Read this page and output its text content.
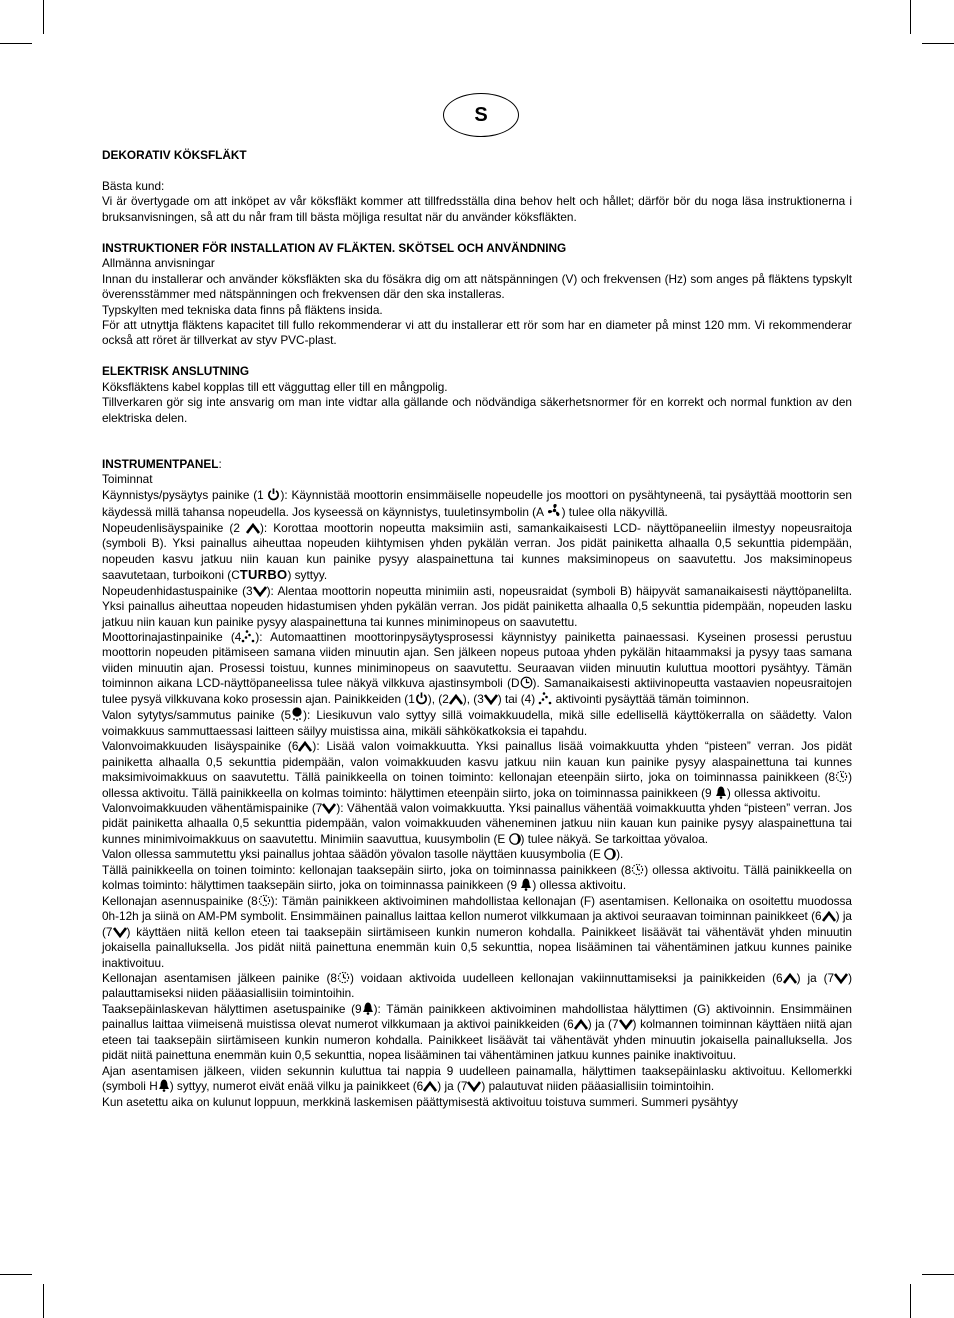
S
DEKORATIV KÖKSFLÄKT

Bästa kund:

Vi är övertygade om att inköpet av vår köksfläkt kommer att tillfredsställa dina behov helt och hållet; därför bör du noga läsa instruktionerna i bruksanvisningen, så att du når fram till bästa möjliga resultat när du använder köksfläkten.

INSTRUKTIONER FÖR INSTALLATION AV FLÄKTEN. SKÖTSEL OCH ANVÄNDNING

Allmänna anvisningar

Innan du installerar och använder köksfläkten ska du fösäkra dig om att nätspänningen (V) och frekvensen (Hz) som anges på fläktens typskylt överensstämmer med nätspänningen och frekvensen där den ska installeras.

Typskylten med tekniska data finns på fläktens insida.

För att utnyttja fläktens kapacitet till fullo rekommenderar vi att du installerar ett rör som har en diameter på minst 120 mm. Vi rekommenderar också att röret är tillverkat av styv PVC-plast.

ELEKTRISK ANSLUTNING

Köksfläktens kabel kopplas till ett vägguttag eller till en mångpolig.

Tillverkaren gör sig inte ansvarig om man inte vidtar alla gällande och nödvändiga säkerhetsnormer för en korrekt och normal funktion av den elektriska delen.

INSTRUMENTPANEL:

Toiminnat

Käynnistys/pysäytys painike (1 ): Käynnistää moottorin ensimmäiselle nopeudelle jos moottori on pysähtyneenä, tai pysäyttää moottorin sen käydessä millä tahansa nopeudella. Jos kyseessä on käynnistys, tuuletinsymbolin (A ) tulee olla näkyvillä.

Nopeudenlisäyspainike (2 ): Korottaa moottorin nopeutta maksimiin asti, samankaikaisesti LCD- näyttöpaneeliin ilmestyy nopeusraitoja (symboli B). Yksi painallus aiheuttaa nopeuden kiihtymisen yhden pykälän verran. Jos pidät painiketta alhaalla 0,5 sekunttia pidempään, nopeuden kasvu jatkuu niin kauan kun painike pysyy alaspainettuna tai kunnes maksiminopeus on saavutettu. Jos maksiminopeus saavutetaan, turboikoni (CTURBO) syttyy.

Nopeudenhidastuspainike (3 ): Alentaa moottorin nopeutta minimiin asti, nopeusraidat (symboli B) häipyvät samanaikaisesti näyttöpanelilta. Yksi painallus aiheuttaa nopeuden hidastumisen yhden pykälän verran. Jos pidät painiketta alhaalla 0,5 sekunttia pidempään, nopeuden lasku jatkuu niin kauan kun painike pysyy alaspainettuna tai kunnes miniminopeus on saavutettu.

Moottorinajastinpainike (4 ): Automaattinen moottorinpysäytysprosessi käynnistyy painiketta painaessasi. Kyseinen prosessi perustuu moottorin nopeuden pitämiseen samana viiden minuutin ajan. Sen jälkeen nopeus putoaa yhden pykälän hitaammaksi ja pysyy taas samana viiden minuutin ajan. Prosessi toistuu, kunnes miniminopeus on saavutettu. Seuraavan viiden minuutin kuluttua moottori pysähtyy. Tämän toiminnon aikana LCD-näyttöpaneelissa tulee näkyä vilkkuva ajastinsymboli (D ). Samanaikaisesti aktiivinopeutta vastaavien nopeusraitojen tulee pysyä vilkkuvana koko prosessin ajan. Painikkeiden (1 ), (2 ), (3 ) tai (4)  aktivointi pysäyttää tämän toiminnon.

Valon sytytys/sammutus painike (5 ): Liesikuvun valo syttyy sillä voimakkuudella, mikä sille edellisellä käyttökerralla on säädetty. Valon voimakkuus sammuttaessasi laitteen säilyy muistissa aina, mikäli sähkökatkoksia ei tapahdu.

Valonvoimakkuuden lisäyspainike (6 ): Lisää valon voimakkuutta. Yksi painallus lisää voimakkuutta yhden “pisteen” verran. Jos pidät painiketta alhaalla 0,5 sekunttia pidempään, valon voimakkuuden kasvu jatkuu niin kauan kun painike pysyy alaspainettuna tai kunnes maksimivoimakkuus on saavutettu. Tällä painikkeella on toinen toiminto: kellonajan eteenpäin siirto, joka on toiminnassa painikkeen (8 ) ollessa aktivoitu. Tällä painikkeella on kolmas toiminto: hälyttimen eteenpäin siirto, joka on toiminnassa painikkeen (9 ) ollessa aktivoitu.

Valonvoimakkuuden vähentämispainike (7 ): Vähentää valon voimakkuutta. Yksi painallus vähentää voimakkuutta yhden “pisteen” verran. Jos pidät painiketta alhaalla 0,5 sekunttia pidempään, valon voimakkuuden väheneminen jatkuu niin kauan kun painike pysyy alaspainettuna tai kunnes minimivoimakkuus on saavutettu. Minimiin saavuttua, kuusymbolin (E ) tulee näkyä. Se tarkoittaa yövaloa.

Valon ollessa sammutettu yksi painallus johtaa säädön yövalon tasolle näyttäen kuusymbolia (E ).

Tällä painikkeella on toinen toiminto: kellonajan taaksepäin siirto, joka on toiminnassa painikkeen (8 ) ollessa aktivoitu. Tällä painikkeella on kolmas toiminto: hälyttimen taaksepäin siirto, joka on toiminnassa painikkeen (9 ) ollessa aktivoitu.

Kellonajan asennuspainike (8 ): Tämän painikkeen aktivoiminen mahdollistaa kellonajan (F) asentamisen. Kellonaika on osoitettu muodossa 0h-12h ja siinä on AM-PM symbolit. Ensimmäinen painallus laittaa kellon numerot vilkkumaan ja aktivoi seuraavan toiminnan painikkeet (6 ) ja (7 ) käyttäen niitä kellon eteen tai taaksepäin siirtämiseen kunkin numeron kohdalla. Painikkeet lisäävät tai vähentävät yhden minuutin jokaisella painalluksella. Jos pidät niitä painettuna enemmän kuin 0,5 sekunttia, nopea lisääminen tai vähentäminen jatkuu kunnes painike inaktivoituu.

Kellonajan asentamisen jälkeen painike (8 ) voidaan aktivoida uudelleen kellonajan vakiinnuttamiseksi ja painikkeiden (6 ) ja (7 ) palauttamiseksi niiden pääasiallisiin toimintoihin.

Taaksepäinlaskevan hälyttimen asetuspainike (9 ): Tämän painikkeen aktivoiminen mahdollistaa hälyttimen (G) aktivoinnin. Ensimmäinen painallus laittaa viimeisenä muistissa olevat numerot vilkkumaan ja aktivoi painikkeiden (6 ) ja (7 ) kolmannen toiminnan käyttäen niitä ajan eteen tai taaksepäin siirtämiseen kunkin numeron kohdalla. Painikkeet lisäävät tai vähentävät yhden minuutin jokaisella painalluksella. Jos pidät niitä painettuna enemmän kuin 0,5 sekunttia, nopea lisääminen tai vähentäminen jatkuu kunnes painike inaktivoituu.

Ajan asentamisen jälkeen, viiden sekunnin kuluttua tai nappia 9 uudelleen painamalla, hälyttimen taaksepäinlasku aktivoituu. Kellomerkki (symboli H ) syttyy, numerot eivät enää vilku ja painikkeet (6 ) ja (7 ) palautuvat niiden pääasiallisiin toimintoihin.

Kun asetettu aika on kulunut loppuun, merkkinä laskemisen päättymisestä aktivoituu toistuva summeri. Summeri pysähtyy
